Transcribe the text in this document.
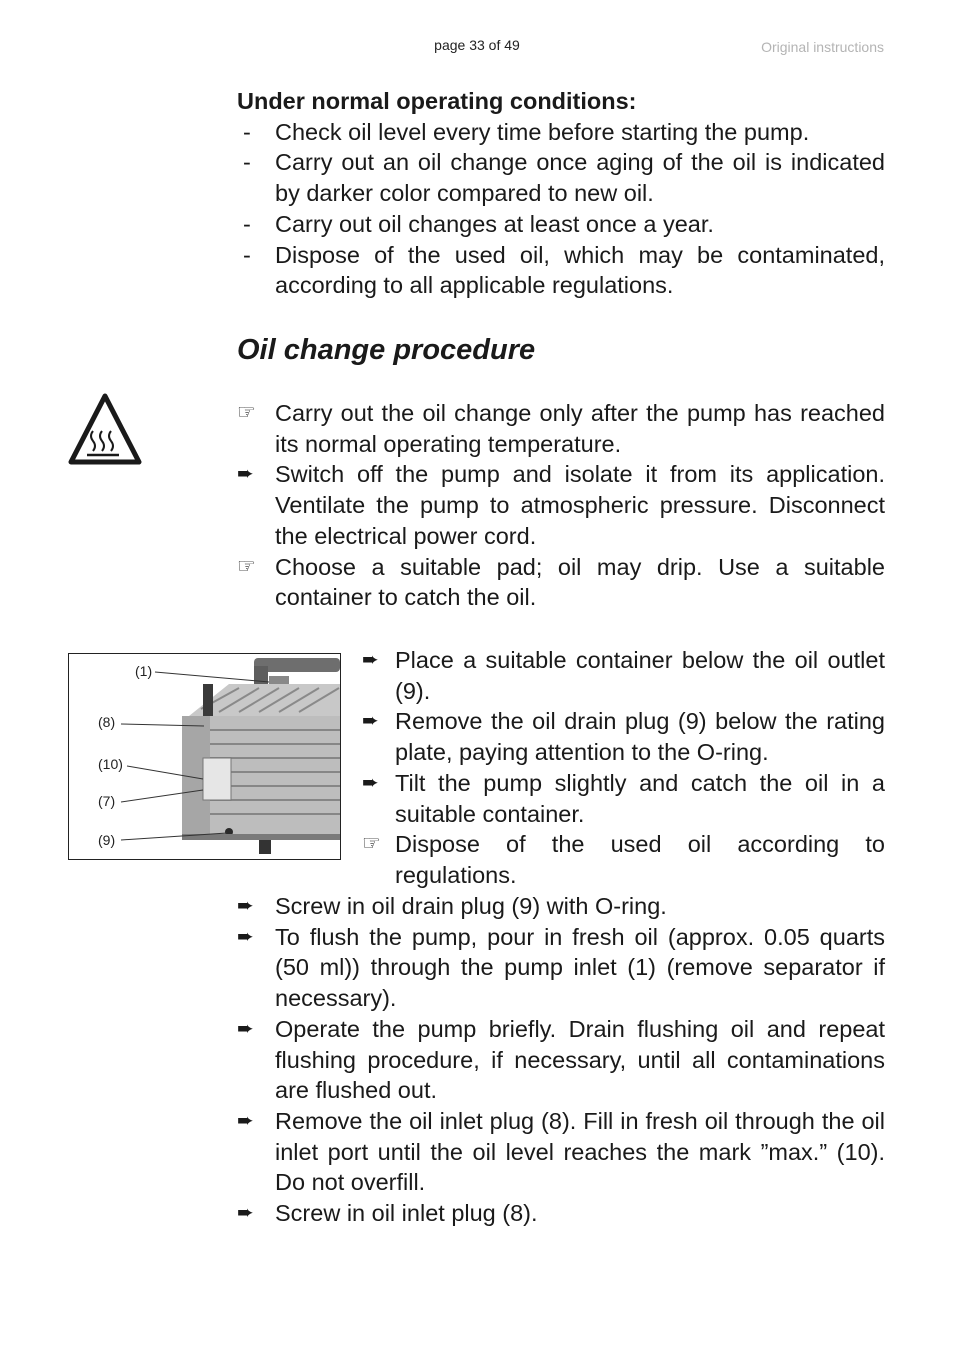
page 33 of 49	Original instructions
Under normal operating conditions:
-	Check oil level every time before starting the pump.
-	Carry out an oil change once aging of the oil is indicated by darker color compared to new oil.
-	Carry out oil changes at least once a year.
-	Dispose of the used oil, which may be contaminated, according to all applicable regulations.
Oil change procedure
☞ Carry out the oil change only after the pump has reached its normal operating temperature.
➨ Switch off the pump and isolate it from its application. Ventilate the pump to atmospheric pressure. Disconnect the electrical power cord.
☞ Choose a suitable pad; oil may drip. Use a suitable container to catch the oil.
(1)
(8)
(10)
(7)
(9)
➨ Place a suitable container below the oil outlet (9).
➨ Remove the oil drain plug (9) below the rating plate, paying attention to the O-ring.
➨ Tilt the pump slightly and catch the oil in a suitable container.
☞ Dispose of the used oil according to regulations.
➨ Screw in oil drain plug (9) with O-ring.
➨ To flush the pump, pour in fresh oil (approx. 0.05 quarts (50 ml)) through the pump inlet (1) (remove separator if necessary).
➨ Operate the pump briefly. Drain flushing oil and repeat flushing procedure, if necessary, until all contaminations are flushed out.
➨ Remove the oil inlet plug (8). Fill in fresh oil through the oil inlet port until the oil level reaches the mark ”max.” (10). Do not overfill.
➨ Screw in oil inlet plug (8).
